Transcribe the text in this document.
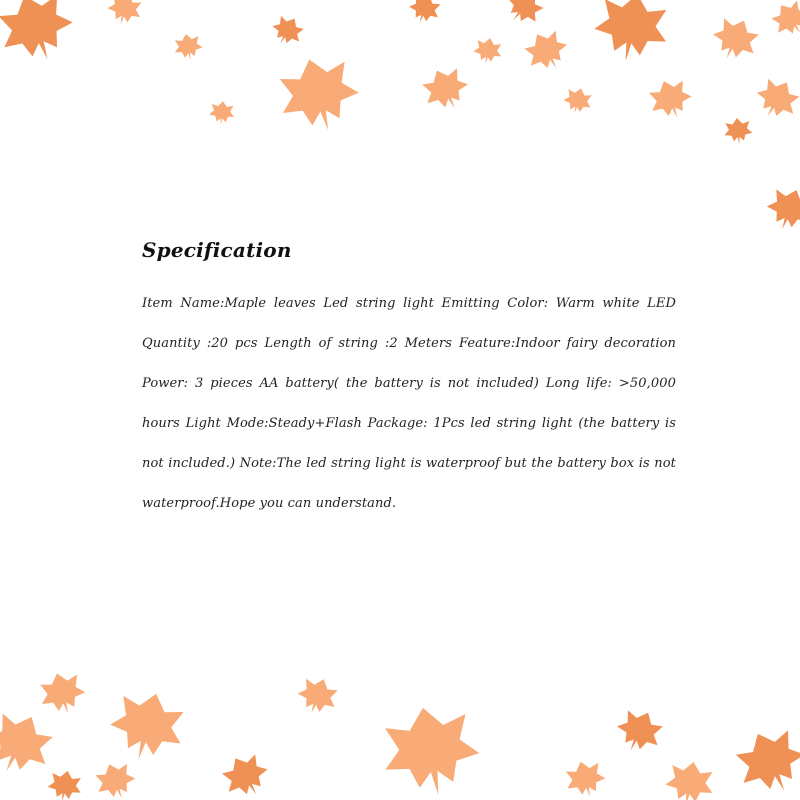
Specification

Item Name:Maple leaves Led string light Emitting Color: Warm white LED Quantity :20 pcs Length of string :2 Meters Feature:Indoor fairy decoration Power: 3 pieces AA battery( the battery is not included) Long life: >50,000 hours Light Mode:Steady+Flash Package: 1Pcs led string light (the battery is not included.) Note:The led string light is waterproof but the battery box is not waterproof.Hope you can understand.
